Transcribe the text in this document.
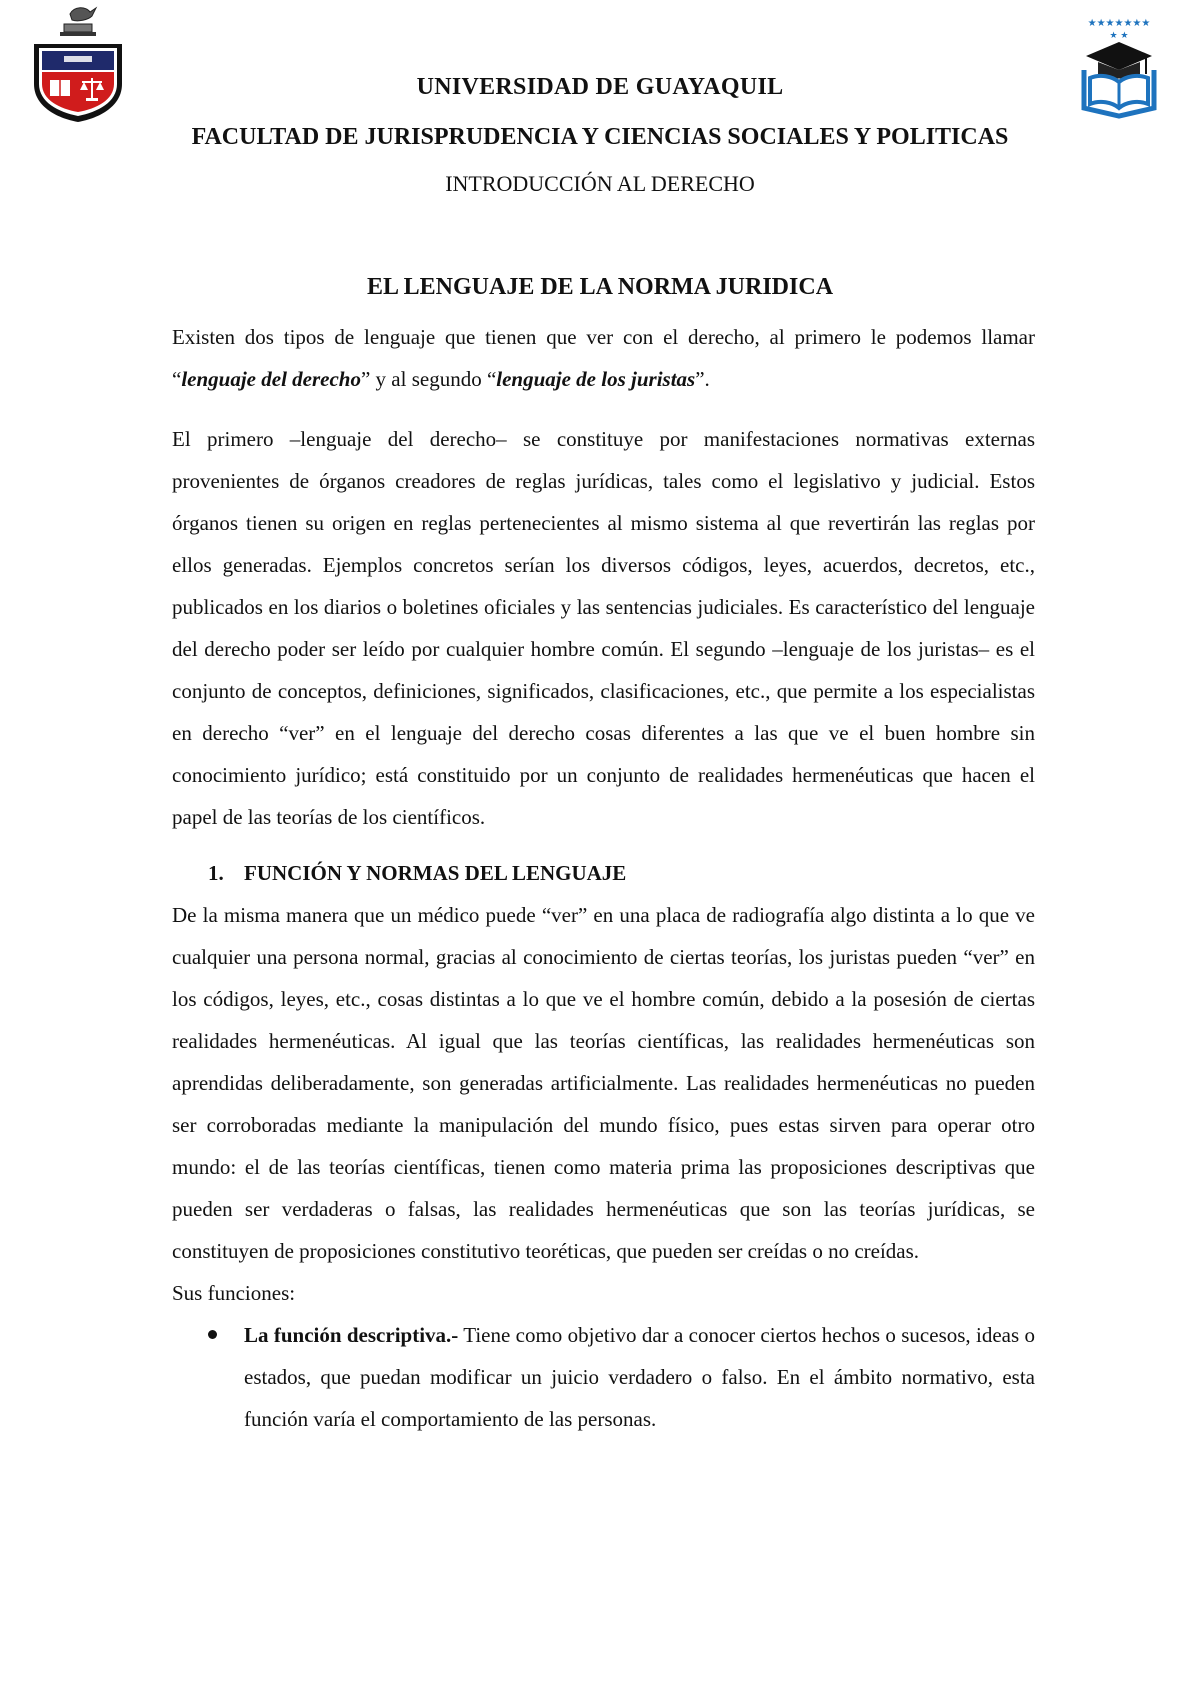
★★★★★★★
★ ★
UNIVERSIDAD DE GUAYAQUIL
FACULTAD DE JURISPRUDENCIA Y CIENCIAS SOCIALES Y POLITICAS
INTRODUCCIÓN AL DERECHO
EL LENGUAJE DE LA NORMA JURIDICA

Existen dos tipos de lenguaje que tienen que ver con el derecho, al primero le podemos llamar “lenguaje del derecho” y al segundo “lenguaje de los juristas”.

El primero –lenguaje del derecho– se constituye por manifestaciones normativas externas provenientes de órganos creadores de reglas jurídicas, tales como el legislativo y judicial. Estos órganos tienen su origen en reglas pertenecientes al mismo sistema al que revertirán las reglas por ellos generadas. Ejemplos concretos serían los diversos códigos, leyes, acuerdos, decretos, etc., publicados en los diarios o boletines oficiales y las sentencias judiciales. Es característico del lenguaje del derecho poder ser leído por cualquier hombre común. El segundo –lenguaje de los juristas– es el conjunto de conceptos, definiciones, significados, clasificaciones, etc., que permite a los especialistas en derecho “ver” en el lenguaje del derecho cosas diferentes a las que ve el buen hombre sin conocimiento jurídico; está constituido por un conjunto de realidades hermenéuticas que hacen el papel de las teorías de los científicos.

1. FUNCIÓN Y NORMAS DEL LENGUAJE

De la misma manera que un médico puede “ver” en una placa de radiografía algo distinta a lo que ve cualquier una persona normal, gracias al conocimiento de ciertas teorías, los juristas pueden “ver” en los códigos, leyes, etc., cosas distintas a lo que ve el hombre común, debido a la posesión de ciertas realidades hermenéuticas. Al igual que las teorías científicas, las realidades hermenéuticas son aprendidas deliberadamente, son generadas artificialmente. Las realidades hermenéuticas no pueden ser corroboradas mediante la manipulación del mundo físico, pues estas sirven para operar otro mundo: el de las teorías científicas, tienen como materia prima las proposiciones descriptivas que pueden ser verdaderas o falsas, las realidades hermenéuticas que son las teorías jurídicas, se constituyen de proposiciones constitutivo teoréticas, que pueden ser creídas o no creídas.

Sus funciones:

La función descriptiva.- Tiene como objetivo dar a conocer ciertos hechos o sucesos, ideas o estados, que puedan modificar un juicio verdadero o falso. En el ámbito normativo, esta función varía el comportamiento de las personas.
